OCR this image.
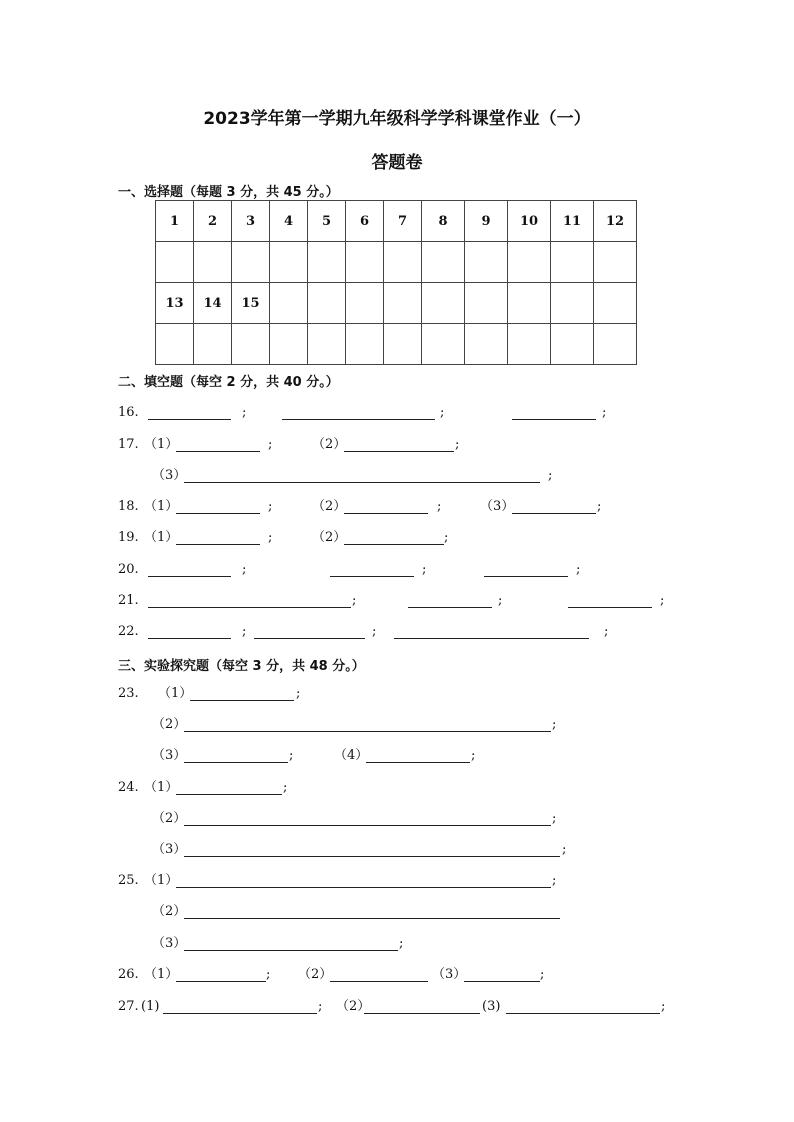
2023学年第一学期九年级科学学科课堂作业（一）
答题卷
一、选择题（每题 3 分，共 45 分。）
1	2	3	4	5	6	7	8	9	10	11	12

13	14	15									

二、填空题（每空 2 分，共 40 分。）
16.	;	;	;
17. （1）	;	（2）	;
（3）	;
18. （1）	;	（2）	;	（3）	;
19. （1）	;	（2）	;
20.	;	;	;
21.	;	;	;
22.	;	;	;
三、实验探究题（每空 3 分，共 48 分。）
23. （1）	;
（2）	;
（3）	;	（4）	;
24. （1）	;
（2）	;
（3）	;
25. （1）	;
（2）
（3）	;
26. （1）	; （2）	（3）	;
27. (1)	; （2）	(3)	;
